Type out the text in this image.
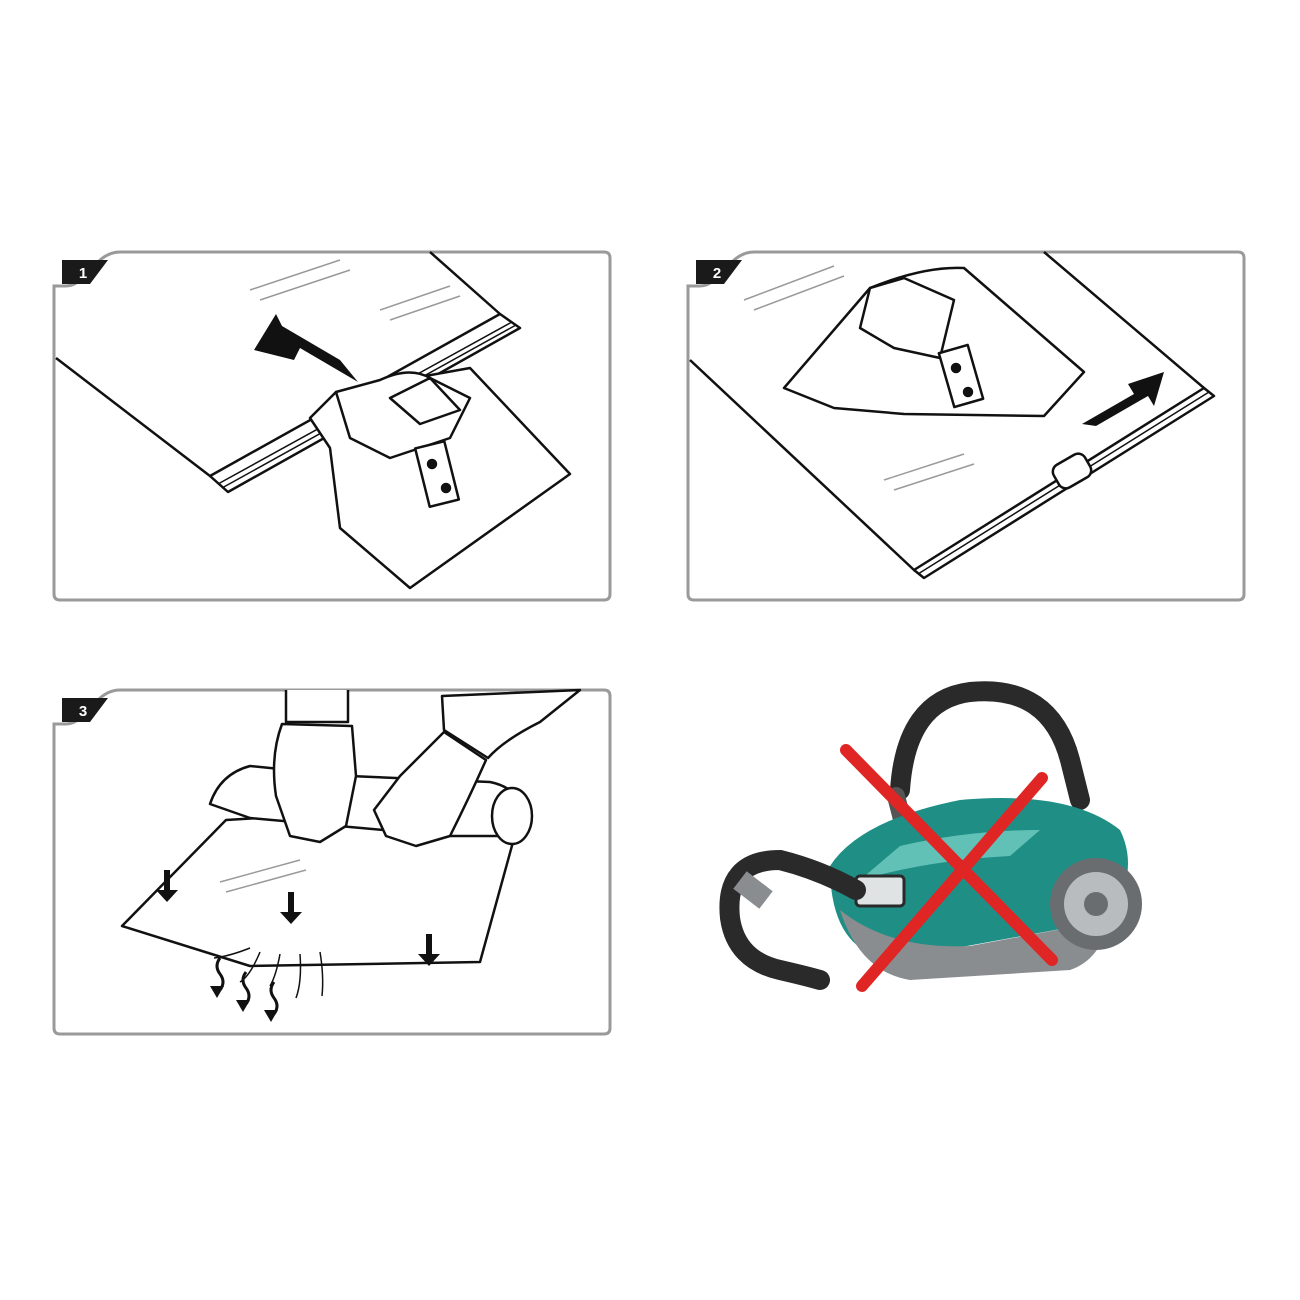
1	2
3
